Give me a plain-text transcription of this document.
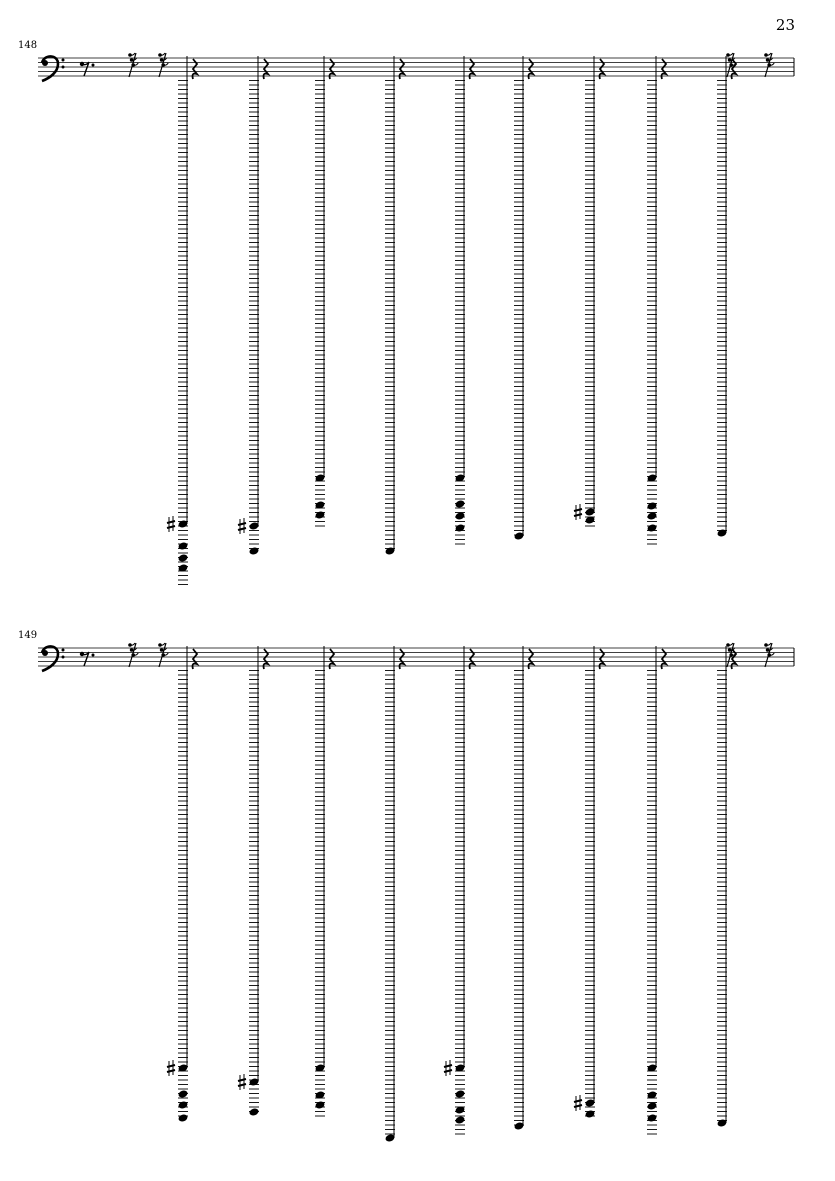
23
148
149
